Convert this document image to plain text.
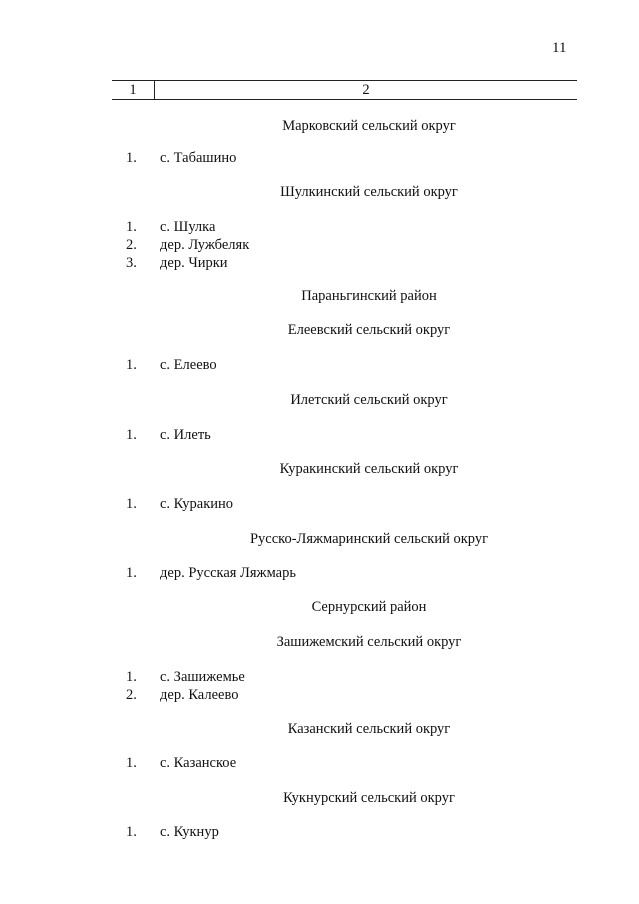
11
1	2
Марковский сельский округ
1. с. Табашино
Шулкинский сельский округ
1. с. Шулка
2. дер. Лужбеляк
3. дер. Чирки
Параньгинский район
Елеевский сельский округ
1. с. Елеево
Илетский сельский округ
1. с. Илеть
Куракинский сельский округ
1. с. Куракино
Русско-Ляжмаринский сельский округ
1. дер. Русская Ляжмарь
Сернурский район
Зашижемский сельский округ
1. с. Зашижемье
2. дер. Калеево
Казанский сельский округ
1. с. Казанское
Кукнурский сельский округ
1. с. Кукнур
